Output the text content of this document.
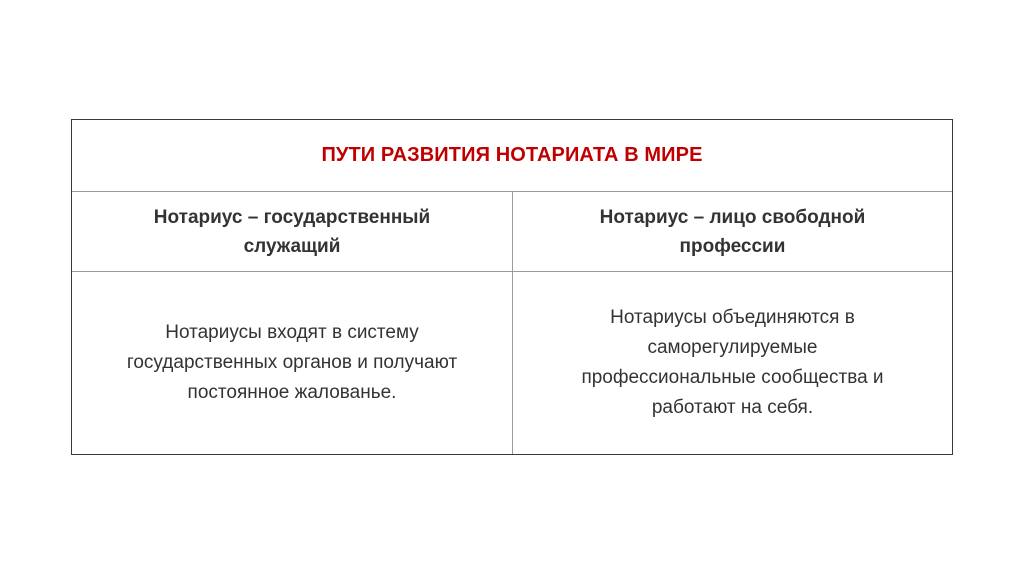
ПУТИ РАЗВИТИЯ НОТАРИАТА В МИРЕ
Нотариус – государственный
служащий
Нотариус – лицо свободной
профессии
Нотариусы входят в систему
государственных органов и получают
постоянное жалованье.
Нотариусы объединяются в
саморегулируемые
профессиональные сообщества и
работают на себя.
